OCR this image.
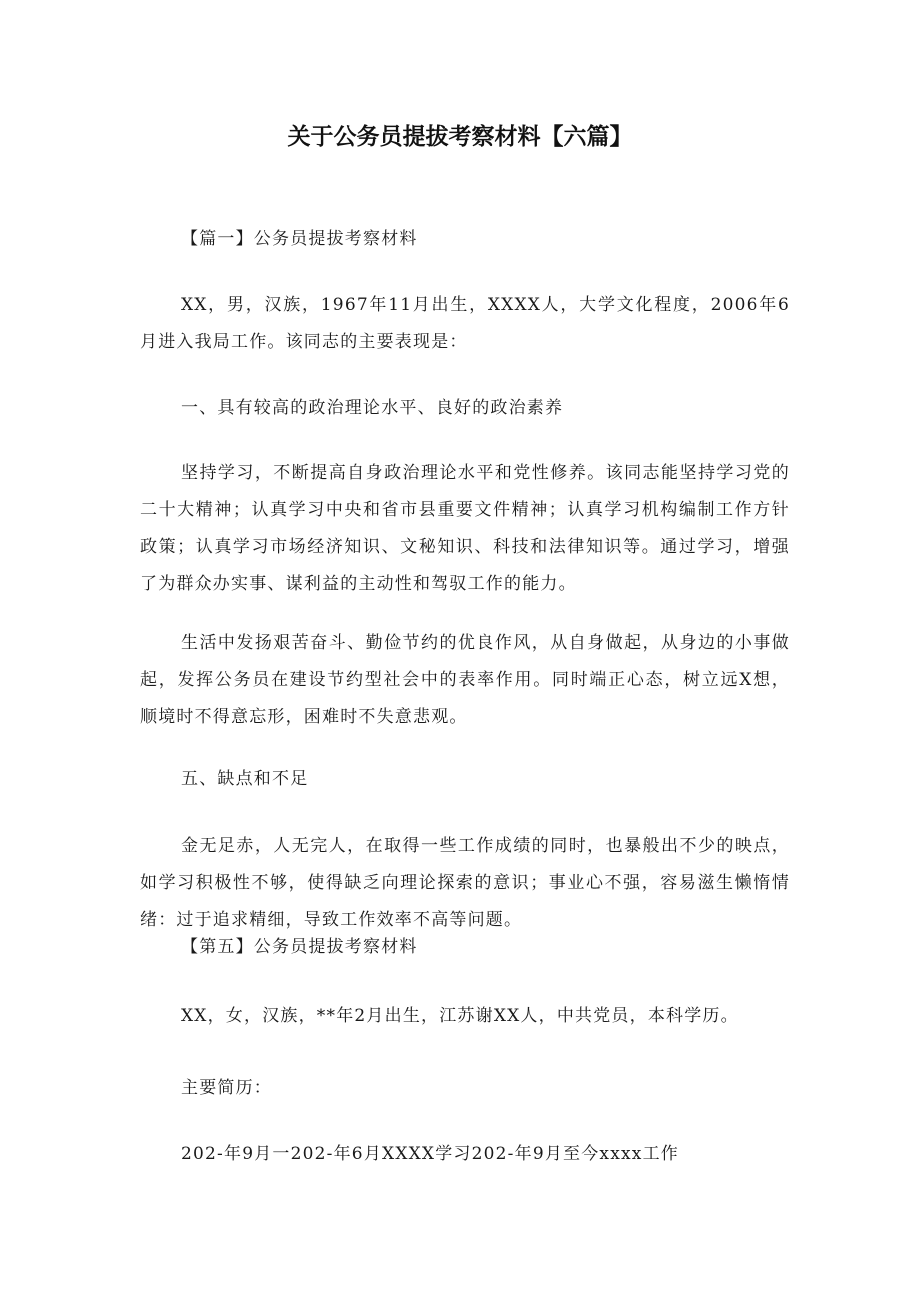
关于公务员提拔考察材料【六篇】

【篇一】公务员提拔考察材料

XX，男，汉族，1967年11月出生，XXXX人，大学文化程度，2006年6月进入我局工作。该同志的主要表现是：

一、具有较高的政治理论水平、良好的政治素养

坚持学习，不断提高自身政治理论水平和党性修养。该同志能坚持学习党的二十大精神；认真学习中央和省市县重要文件精神；认真学习机构编制工作方针政策；认真学习市场经济知识、文秘知识、科技和法律知识等。通过学习，增强了为群众办实事、谋利益的主动性和驾驭工作的能力。

生活中发扬艰苦奋斗、勤俭节约的优良作风，从自身做起，从身边的小事做起，发挥公务员在建设节约型社会中的表率作用。同时端正心态，树立远X想，顺境时不得意忘形，困难时不失意悲观。

五、缺点和不足

金无足赤，人无完人，在取得一些工作成绩的同时，也暴般出不少的映点，如学习积极性不够，使得缺乏向理论探索的意识；事业心不强，容易滋生懒惰情绪：过于追求精细，导致工作效率不高等问题。

【第五】公务员提拔考察材料

XX，女，汉族，**年2月出生，江苏谢XX人，中共党员，本科学历。

主要简历：

202-年9月一202-年6月XXXX学习202-年9月至今xxxx工作
